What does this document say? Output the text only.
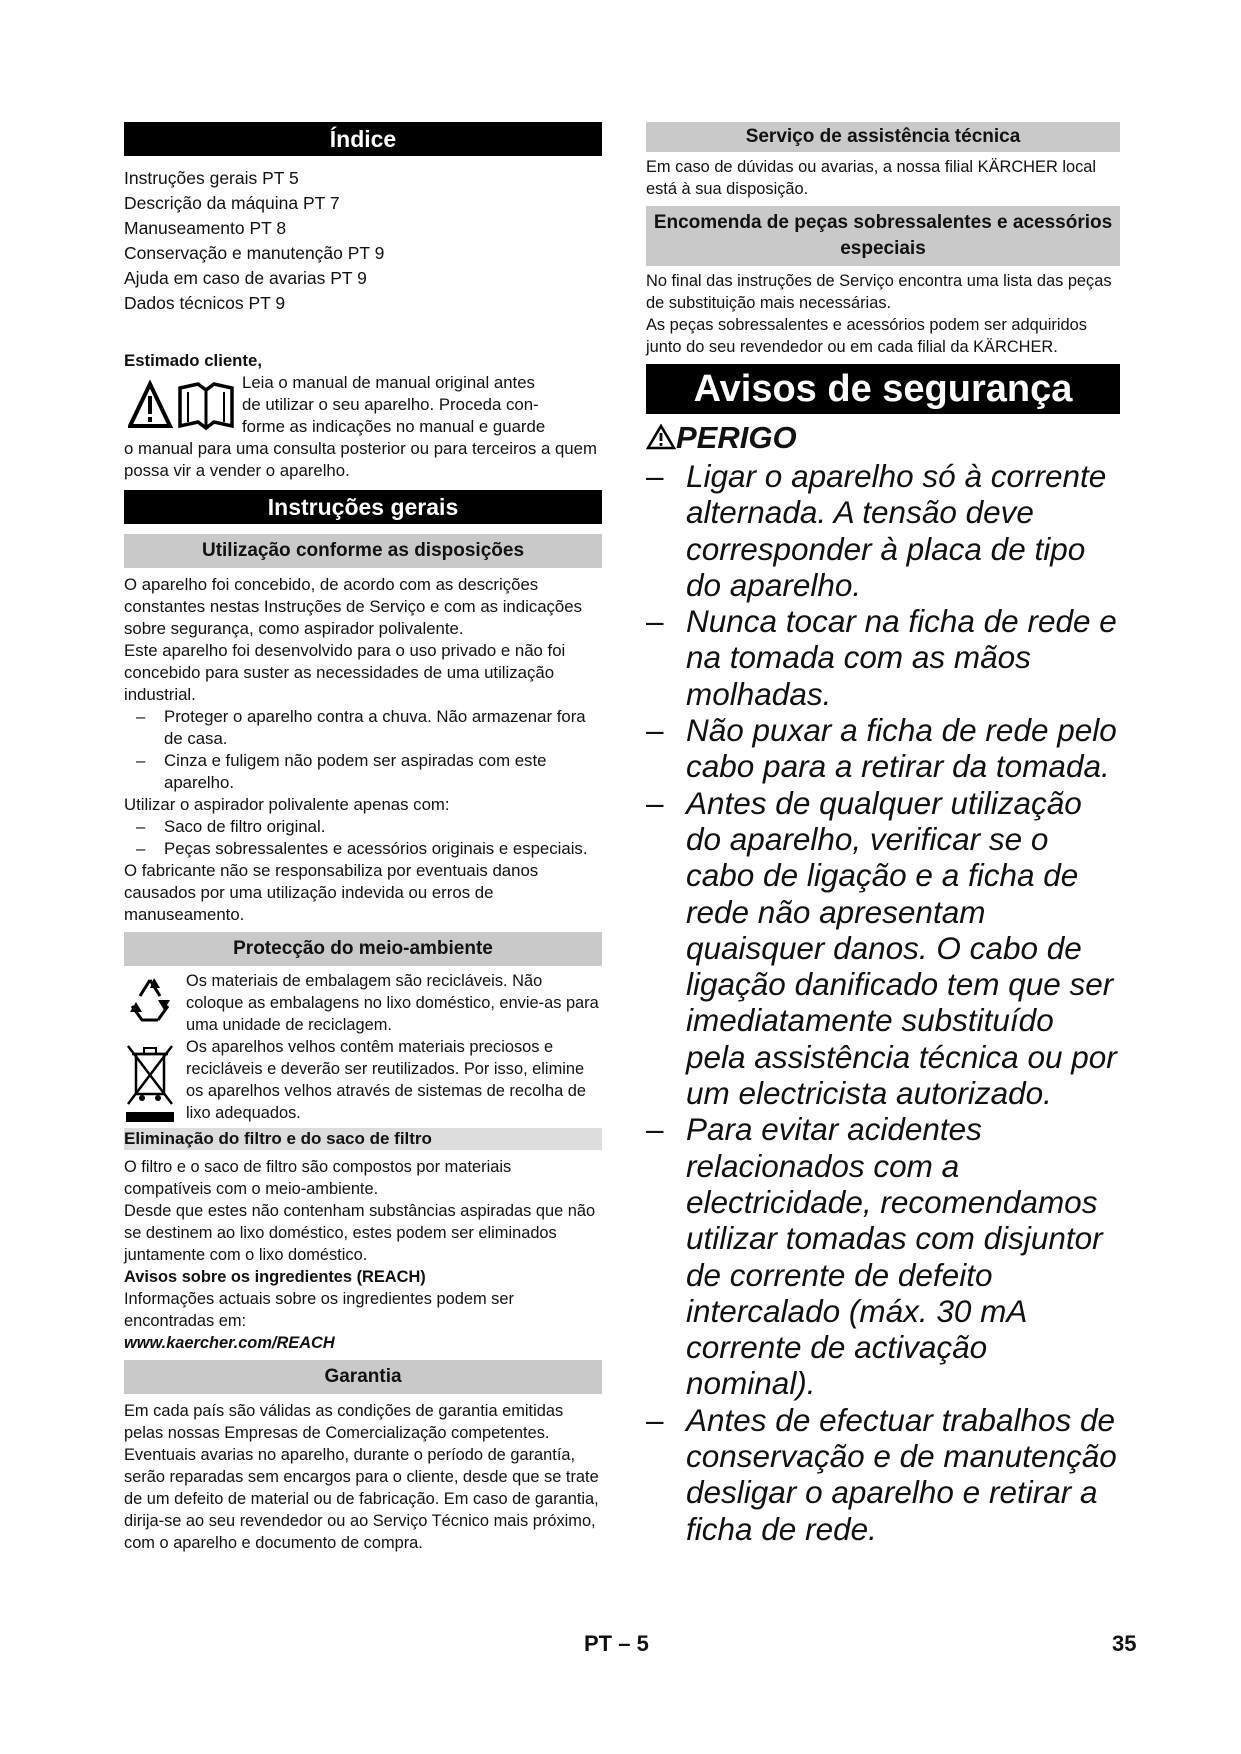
Índice
Instruções gerais PT 5
Descrição da máquina PT 7
Manuseamento PT 8
Conservação e manutenção PT 9
Ajuda em caso de avarias PT 9
Dados técnicos PT 9

Estimado cliente,

Leia o manual de manual original antes
de utilizar o seu aparelho. Proceda con-
forme as indicações no manual e guarde

o manual para uma consulta posterior ou para terceiros a quem possa vir a vender o aparelho.

Instruções gerais
Utilização conforme as disposições

O aparelho foi concebido, de acordo com as descrições constantes nestas Instruções de Serviço e com as indicações sobre segurança, como aspirador polivalente.

Este aparelho foi desenvolvido para o uso privado e não foi concebido para suster as necessidades de uma utilização industrial.

– Proteger o aparelho contra a chuva. Não armazenar fora de casa.
– Cinza e fuligem não podem ser aspiradas com este aparelho.

Utilizar o aspirador polivalente apenas com:

– Saco de filtro original.
– Peças sobressalentes e acessórios originais e especiais.

O fabricante não se responsabiliza por eventuais danos causados por uma utilização indevida ou erros de manuseamento.

Protecção do meio-ambiente

Os materiais de embalagem são recicláveis. Não coloque as embalagens no lixo doméstico, envie-as para uma unidade de reciclagem.

Os aparelhos velhos contêm materiais preciosos e recicláveis e deverão ser reutilizados. Por isso, elimine os aparelhos velhos através de sistemas de recolha de lixo adequados.

Eliminação do filtro e do saco de filtro

O filtro e o saco de filtro são compostos por materiais compatíveis com o meio-ambiente.

Desde que estes não contenham substâncias aspiradas que não se destinem ao lixo doméstico, estes podem ser eliminados juntamente com o lixo doméstico.

Avisos sobre os ingredientes (REACH)

Informações actuais sobre os ingredientes podem ser encontradas em:

www.kaercher.com/REACH

Garantia

Em cada país são válidas as condições de garantia emitidas pelas nossas Empresas de Comercialização competentes. Eventuais avarias no aparelho, durante o período de garantía, serão reparadas sem encargos para o cliente, desde que se trate de um defeito de material ou de fabricação. Em caso de garantia, dirija-se ao seu revendedor ou ao Serviço Técnico mais próximo, com o aparelho e documento de compra.

Serviço de assistência técnica

Em caso de dúvidas ou avarias, a nossa filial KÄRCHER local está à sua disposição.

Encomenda de peças sobressalentes e acessórios especiais

No final das instruções de Serviço encontra uma lista das peças de substituição mais necessárias.

As peças sobressalentes e acessórios podem ser adquiridos junto do seu revendedor ou em cada filial da KÄRCHER.

Avisos de segurança
PERIGO

– Ligar o aparelho só à corrente alternada. A tensão deve corresponder à placa de tipo do aparelho.

– Nunca tocar na ficha de rede e na tomada com as mãos molhadas.

– Não puxar a ficha de rede pelo cabo para a retirar da tomada.

– Antes de qualquer utilização do aparelho, verificar se o cabo de ligação e a ficha de rede não apresentam quaisquer danos. O cabo de ligação danificado tem que ser imediatamente substituído pela assistência técnica ou por um electricista autorizado.

– Para evitar acidentes relacionados com a electricidade, recomendamos utilizar tomadas com disjuntor de corrente de defeito intercalado (máx. 30 mA corrente de activação nominal).

– Antes de efectuar trabalhos de conservação e de manutenção desligar o aparelho e retirar a ficha de rede.

PT – 5	35
